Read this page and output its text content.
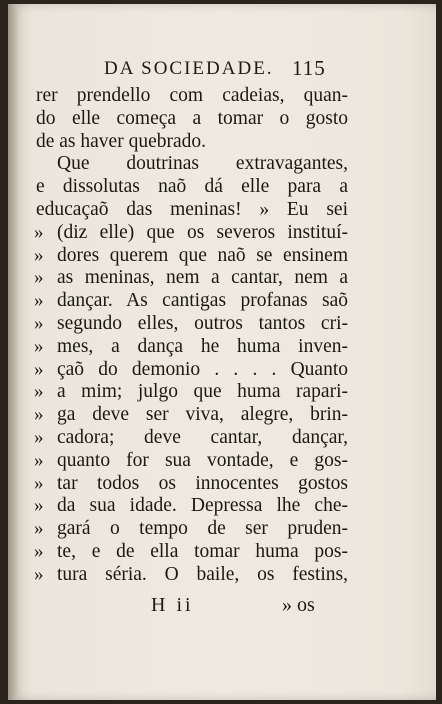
DA SOCIEDADE. 115
rer prendello com cadeias, quan-
do elle começa a tomar o gosto
de as haver quebrado.
Que doutrinas extravagantes,
e dissolutas naõ dá elle para a
educaçaõ das meninas! » Eu sei
» (diz elle) que os severos instituí-
» dores querem que naõ se ensinem
» as meninas, nem a cantar, nem a
» dançar. As cantigas profanas saõ
» segundo elles, outros tantos cri-
» mes, a dança he huma inven-
» çaõ do demonio . . . . Quanto
» a mim; julgo que huma rapari-
» ga deve ser viva, alegre, brin-
» cadora; deve cantar, dançar,
» quanto for sua vontade, e gos-
» tar todos os innocentes gostos
» da sua idade. Depressa lhe che-
» gará o tempo de ser pruden-
» te, e de ella tomar huma pos-
» tura séria. O baile, os festins,
H ii	» os
